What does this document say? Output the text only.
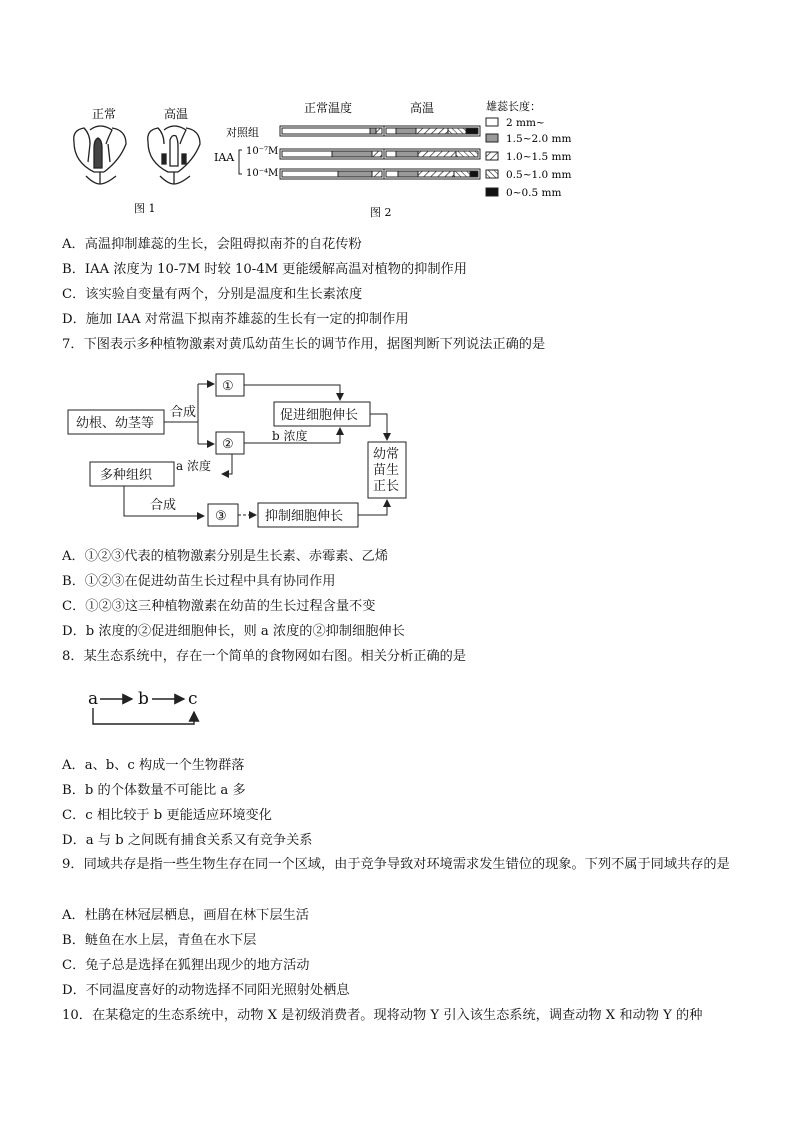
正常	高温
图 1
正常温度	高温	雄蕊长度：
对照组
IAA 10⁻⁷M
10⁻⁴M
2 mm~
1.5~2.0 mm
1.0~1.5 mm
0.5~1.0 mm
0~0.5 mm
图 2
A．高温抑制雄蕊的生长，会阻碍拟南芥的自花传粉
B．IAA 浓度为 10-7M 时较 10-4M 更能缓解高温对植物的抑制作用
C．该实验自变量有两个，分别是温度和生长素浓度
D．施加 IAA 对常温下拟南芥雄蕊的生长有一定的抑制作用
7．下图表示多种植物激素对黄瓜幼苗生长的调节作用，据图判断下列说法正确的是
幼根、幼茎等
合成
①
②
促进细胞伸长
b 浓度
a 浓度
多种组织
合成
③	抑制细胞伸长
幼常
苗生
正长
A．①②③代表的植物激素分别是生长素、赤霉素、乙烯
B．①②③在促进幼苗生长过程中具有协同作用
C．①②③这三种植物激素在幼苗的生长过程含量不变
D．b 浓度的②促进细胞伸长，则 a 浓度的②抑制细胞伸长
8．某生态系统中，存在一个简单的食物网如右图。相关分析正确的是
a b c
A．a、b、c 构成一个生物群落
B．b 的个体数量不可能比 a 多
C．c 相比较于 b 更能适应环境变化
D．a 与 b 之间既有捕食关系又有竞争关系
9．同域共存是指一些生物生存在同一个区域，由于竞争导致对环境需求发生错位的现象。下列不属于同域共存的是
A．杜鹃在林冠层栖息，画眉在林下层生活
B．鲢鱼在水上层，青鱼在水下层
C．兔子总是选择在狐狸出现少的地方活动
D．不同温度喜好的动物选择不同阳光照射处栖息
10．在某稳定的生态系统中，动物 X 是初级消费者。现将动物 Y 引入该生态系统，调查动物 X 和动物 Y 的种
